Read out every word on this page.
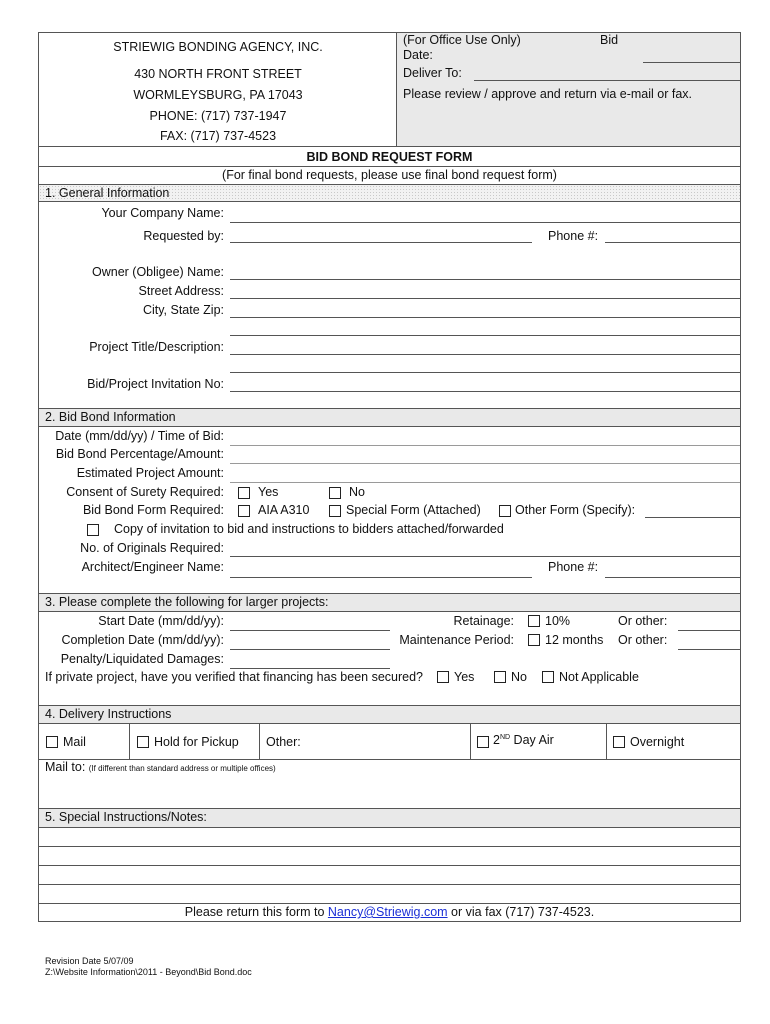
STRIEWIG BONDING AGENCY, INC.
430 NORTH FRONT STREET
WORMLEYSBURG, PA 17043
PHONE: (717) 737-1947
FAX: (717) 737-4523
(For Office Use Only)	Bid
Date:
Deliver To:
Please review / approve and return via e-mail or fax.
BID BOND REQUEST FORM
(For final bond requests, please use final bond request form)
1. General Information
Your Company Name:
Requested by:	Phone #:
Owner (Obligee) Name:
Street Address:
City, State Zip:
Project Title/Description:
Bid/Project Invitation No:
2. Bid Bond Information
Date (mm/dd/yy) / Time of Bid:
Bid Bond Percentage/Amount:
Estimated Project Amount:
Consent of Surety Required:	Yes	No
Bid Bond Form Required:	AIA A310	Special Form (Attached)	Other Form (Specify):
Copy of invitation to bid and instructions to bidders attached/forwarded
No. of Originals Required:
Architect/Engineer Name:	Phone #:
3. Please complete the following for larger projects:
Start Date (mm/dd/yy):	Retainage: 10%	Or other:
Completion Date (mm/dd/yy):	Maintenance Period: 12 months Or other:
Penalty/Liquidated Damages:
If private project, have you verified that financing has been secured? Yes	No	Not Applicable
4. Delivery Instructions
Mail	Hold for Pickup Other:	2ND Day Air	Overnight
Mail to: (If different than standard address or multiple offices)
5. Special Instructions/Notes:
Please return this form to Nancy@Striewig.com or via fax (717) 737-4523.
Revision Date 5/07/09
Z:\Website Information\2011 - Beyond\Bid Bond.doc
